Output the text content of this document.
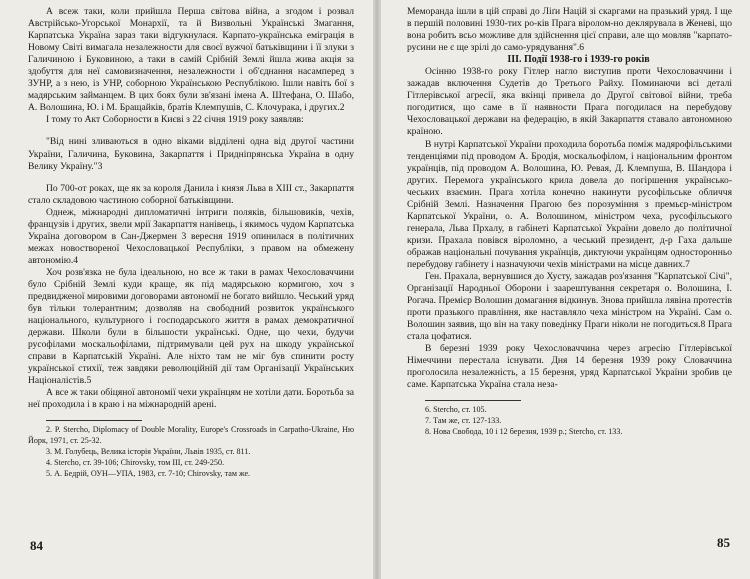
А всеж таки, коли прийшла Перша світова війна, а згодом і розвал Австрійсько-Угорської Монархії, та й Визвольні Українські Змагання, Карпатська Україна зараз таки відгукнулася. Карпато-українська еміграція в Новому Світі вимагала незалежности для своєї вужчої батьківщини і її злуки з Галичиною і Буковиною, а таки в самій Срібній Землі йшла жива акція за здобуття для неї самовизначення, незалежности і об'єднання насамперед з ЗУНР, а з нею, із УНР, соборною Українською Республікою. Ішли навіть бої з мадярським займанцем. В цих боях були зв'язані імена А. Штефана, О. Шабо, А. Волошина, Ю. і М. Бращайків, братів Клемпушів, С. Клочурака, і других.2

І тому то Акт Соборности в Києві з 22 січня 1919 року заявляв:

"Від нині зливаються в одно віками відділені одна від другої частини України, Галичина, Буковина, Закарпаття і Придніпрянська Україна в одну Велику Україну."3

По 700-от роках, ще як за короля Данила і князя Льва в XIII ст., Закарпаття стало складовою частиною соборної батьківщини.

Однеж, міжнародні дипломатичні інтриги поляків, більшовиків, чехів, французів і других, звели мрії Закарпаття нанівець, і якимось чудом Карпатська Україна договором в Сан-Джермен 3 вересня 1919 опинилася в політичних межах новоствореної Чехословацької Республіки, з правом на обмежену автономію.4

Хоч розв'язка не була ідеальною, но все ж таки в рамах Чехословаччини було Срібній Землі куди краще, як під мадярською кормигою, хоч з предвидженої мировими договорами автономії не богато вийшло. Чеський уряд був тільки толерантним; дозволяв на свободний розвиток українського національного, культурного і господарського життя в рамах демократичної держави. Школи були в більшости українські. Одне, що чехи, будучи русофілами москальофілами, підтримували цей рух на шкоду української справи в Карпатській Україні. Але ніхто там не міг був спинити росту української стихії, теж завдяки революційній дії там Організації Українських Націоналістів.5

А все ж таки обіцяної автономії чехи українцям не хотіли дати. Боротьба за неї проходила і в краю і на міжнародній арені.

2. P. Stercho, Diplomacy of Double Morality, Europe's Crossroads in Carpatho-Ukraine, Ню Йорк, 1971, ст. 25-32.

3. М. Голубець, Велика історія України, Львів 1935, ст. 811.

4. Stercho, ст. 39-106; Chirovsky, том III, ст. 249-250.

5. А. Бедрій, ОУН—УПА, 1983, ст. 7-10; Chirovsky, там же.

84

Меморанда ішли в цій справі до Ліґи Націй зі скаргами на празький уряд. І ще в першій половині 1930-тих ро-ків Прага віролом-но деклярувала в Женеві, що вона робить всьо можливе для здійснення цієї справи, але що мовляв "карпато-русини не є ще зрілі до само-урядування".6

ІІІ. Події 1938-го і 1939-го років

Осінню 1938-го року Гітлер наглo виступив проти Чехословаччини і зажадав включення Судетів до Третього Райху. Поминаючи всі деталі Гітлерівської агресії, яка вкінці привела до Другої світової війни, треба погодитися, що саме в її наявности Прага погодилася на перебудову Чехословацької держави на федерацію, в якій Закарпаття ставало автономною країною.

В нутрі Карпатської України проходила боротьба поміж мадярофільськими тенденціями під проводом А. Бродія, москальофілом, і національним фронтом українців, під проводом А. Волошина, Ю. Ревая, Д. Клемпуша, В. Шандора і других. Перемога українського крила довела до погіршення українсько-чеських взаємин. Прага хотіла конечно накинути русофільське обличчя Срібній Землі. Назначення Прагою без порозуміння з премьєр-міністром Карпатської України, о. А. Волошином, міністром чеха, русофільського генерала, Льва Прхалу, в габінеті Карпатської України довело до політичної кризи. Прахала повівся віроломно, а чеський президент, д-р Гаха дальше ображав національні почування українців, диктуючи українцям односторонньо перебудову габінету і назначуючи чехів міністрами на місце давних.7

Ген. Прахала, вернувшися до Хусту, зажадав роз'язання "Карпатської Січі", Організації Народньої Оборони і заарештування секретаря о. Волошина, І. Рогача. Премієр Волошин домагання відкинув. Знова прийшла лявіна протестів проти празького правління, яке наставляло чеха міністром на Україні. Сам о. Волошин заявив, що він на таку поведінку Праги ніколи не погодиться.8 Прага стала цофатися.

В березні 1939 року Чехословаччина через агресію Гітлерівської Німеччини перестала існувати. Дня 14 березня 1939 року Словаччина проголосила незалежність, а 15 березня, уряд Карпатської України зробив це саме. Карпатська Україна стала неза-

6. Stercho, ст. 105.

7. Там же, ст. 127-133.

8. Нова Свобода, 10 і 12 березня, 1939 р.; Stercho, ст. 133.

85
